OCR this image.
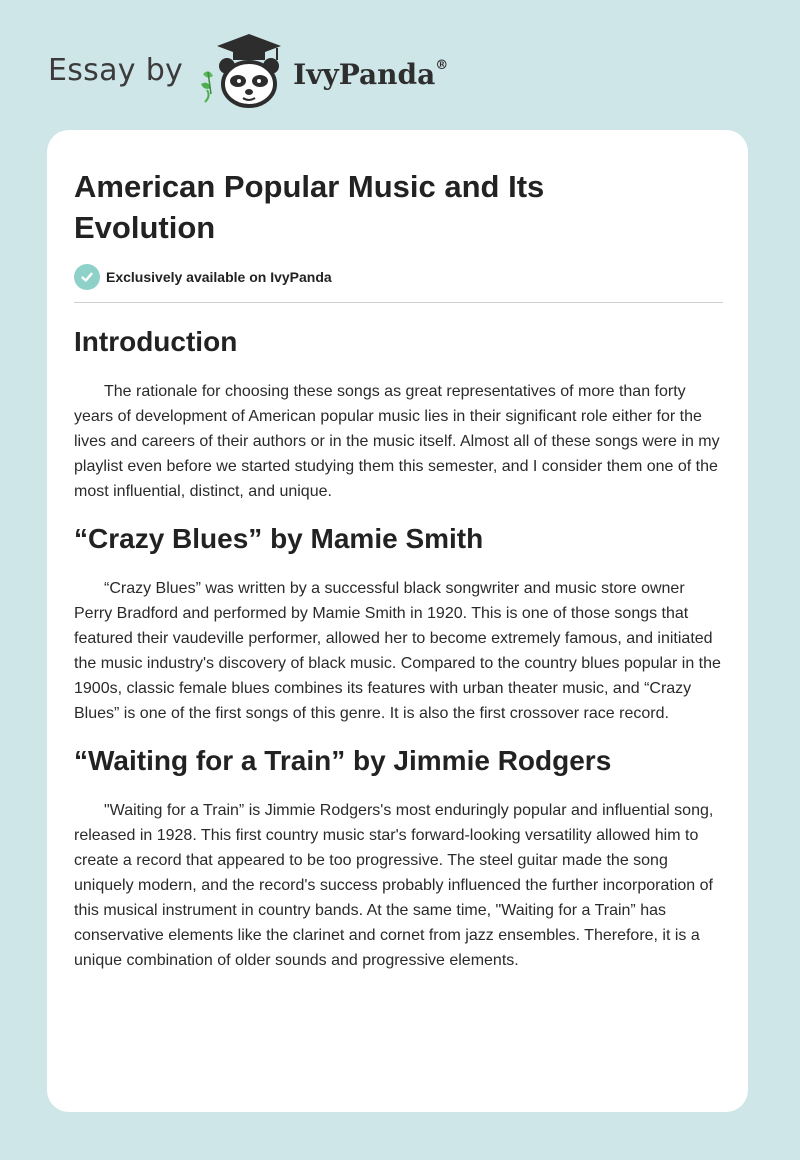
Essay by	IvyPanda®
American Popular Music and Its Evolution
Exclusively available on IvyPanda
Introduction

The rationale for choosing these songs as great representatives of more than forty years of development of American popular music lies in their significant role either for the lives and careers of their authors or in the music itself. Almost all of these songs were in my playlist even before we started studying them this semester, and I consider them one of the most influential, distinct, and unique.

“Crazy Blues” by Mamie Smith

“Crazy Blues” was written by a successful black songwriter and music store owner Perry Bradford and performed by Mamie Smith in 1920. This is one of those songs that featured their vaudeville performer, allowed her to become extremely famous, and initiated the music industry's discovery of black music. Compared to the country blues popular in the 1900s, classic female blues combines its features with urban theater music, and “Crazy Blues” is one of the first songs of this genre. It is also the first crossover race record.

“Waiting for a Train” by Jimmie Rodgers

"Waiting for a Train” is Jimmie Rodgers's most enduringly popular and influential song, released in 1928. This first country music star's forward-looking versatility allowed him to create a record that appeared to be too progressive. The steel guitar made the song uniquely modern, and the record's success probably influenced the further incorporation of this musical instrument in country bands. At the same time, "Waiting for a Train” has conservative elements like the clarinet and cornet from jazz ensembles. Therefore, it is a unique combination of older sounds and progressive elements.
